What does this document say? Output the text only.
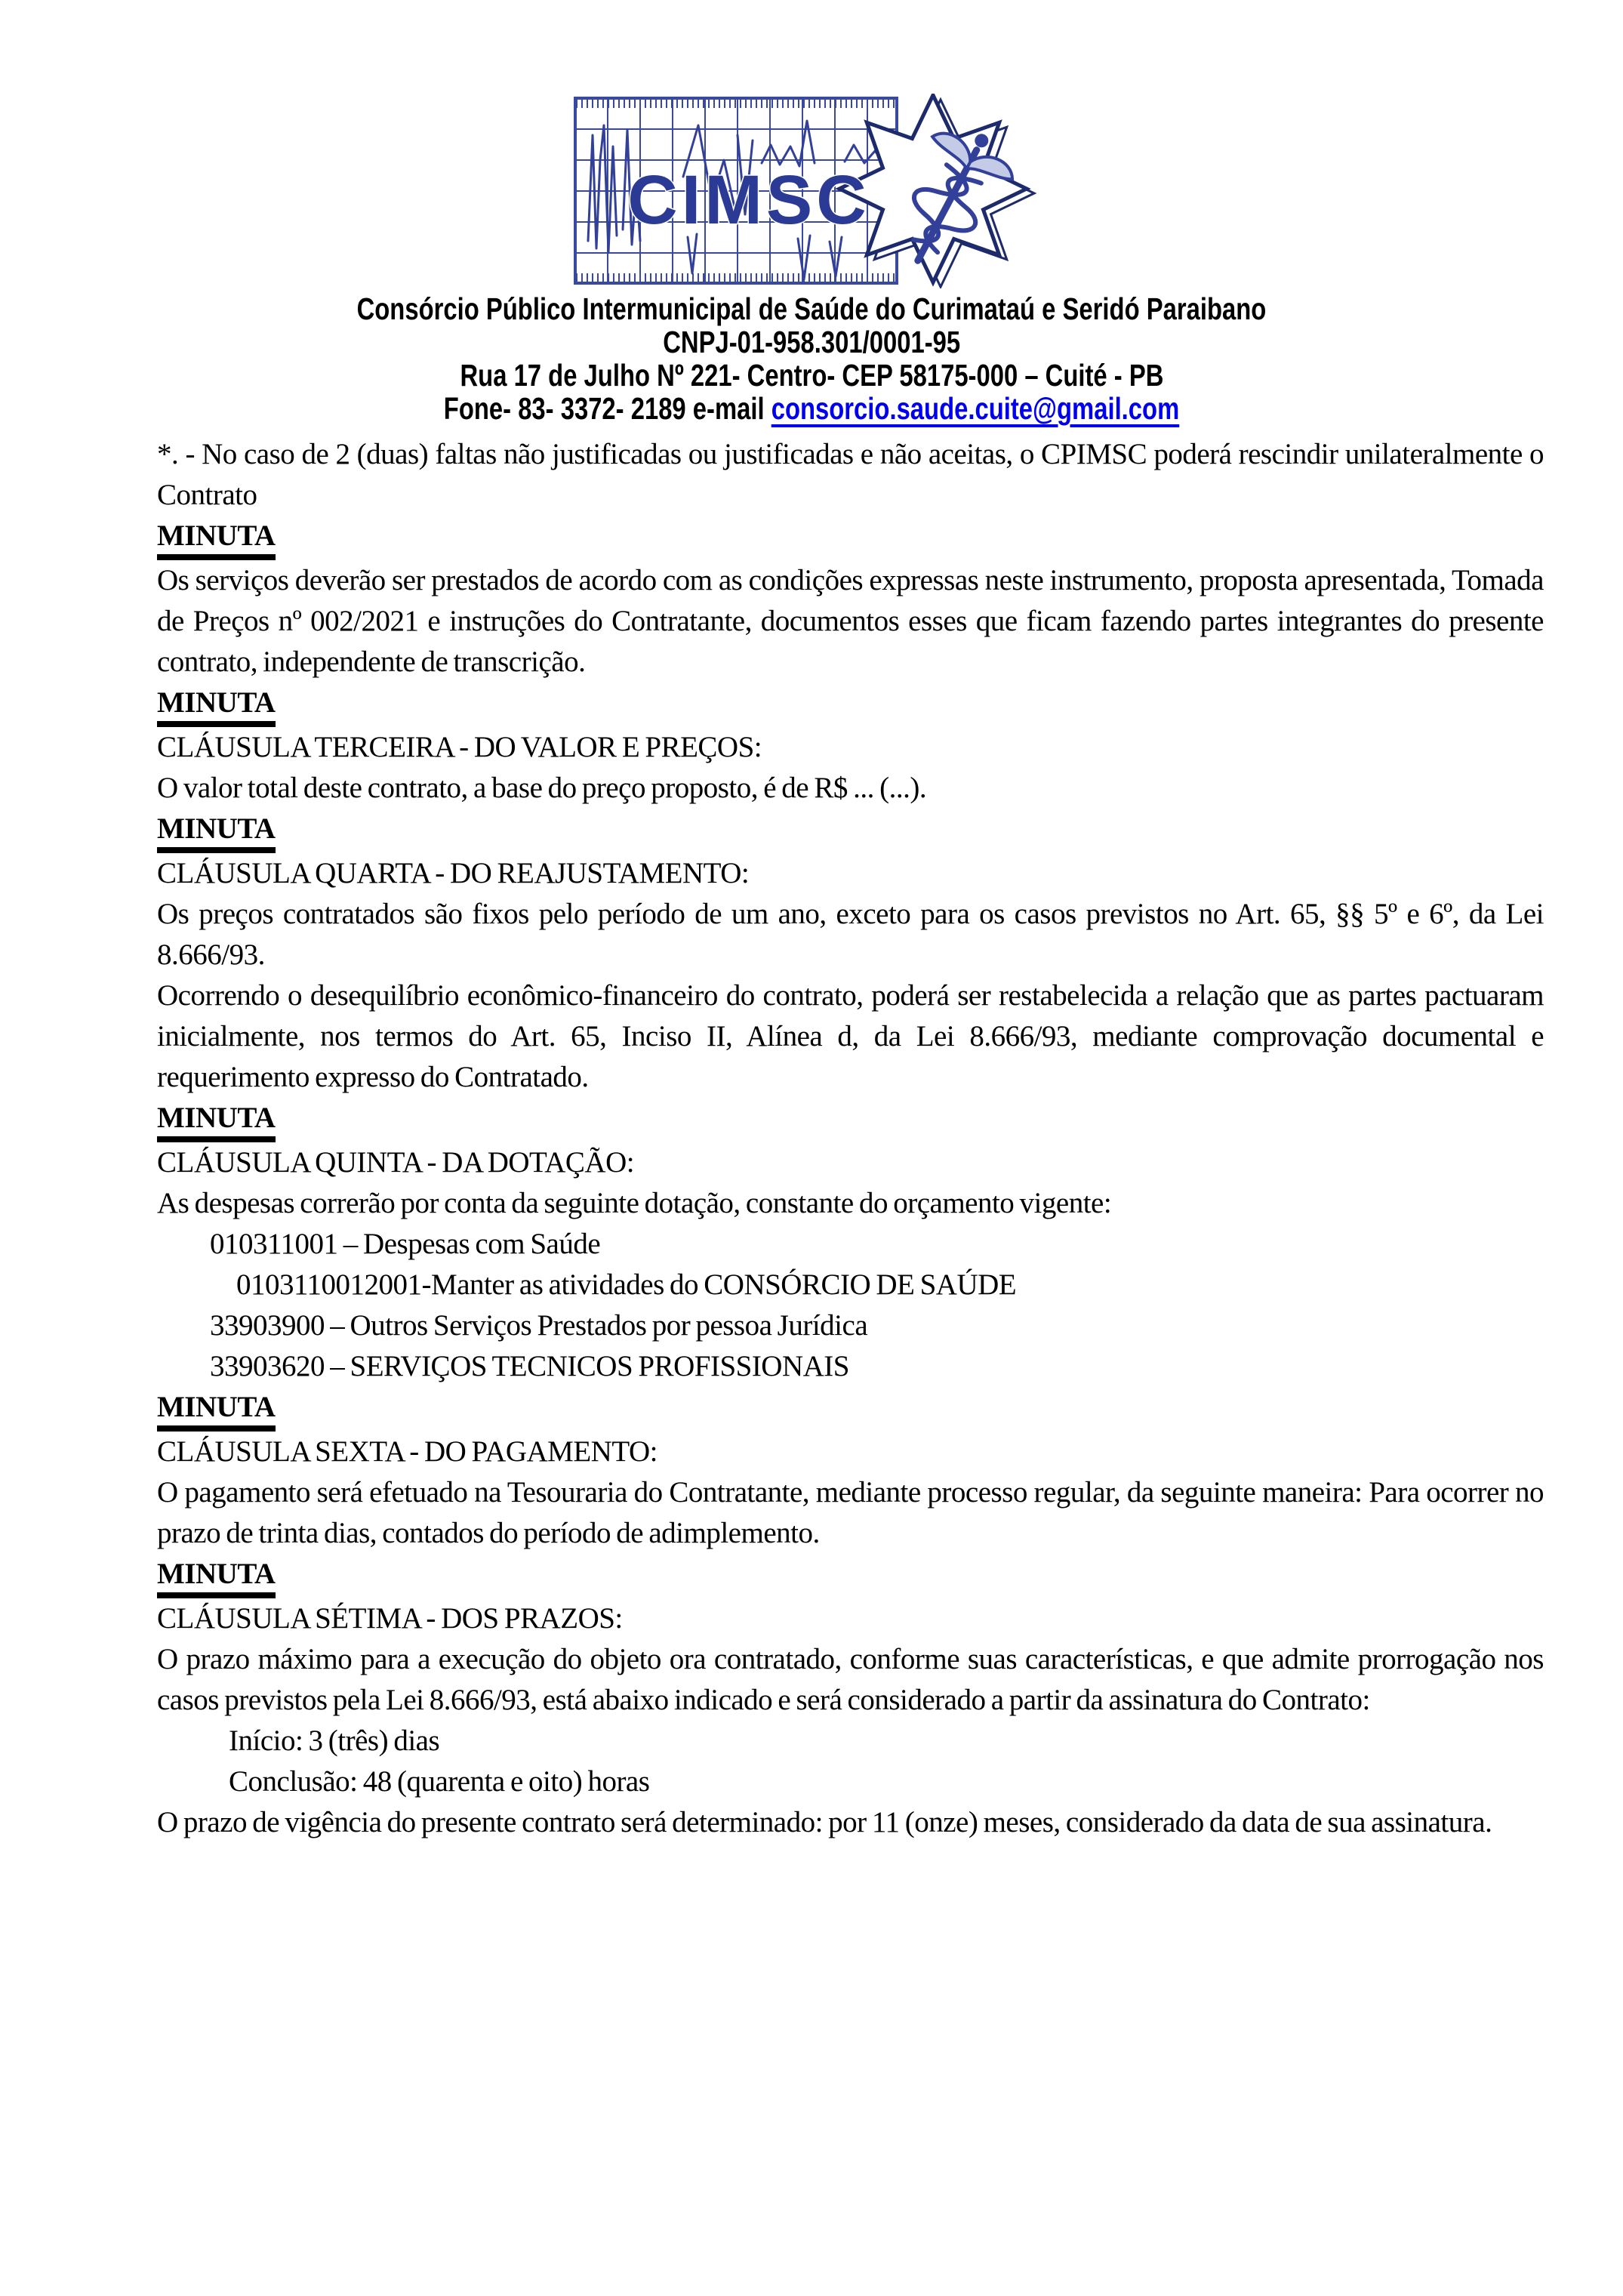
CIMSC
Consórcio Público Intermunicipal de Saúde do Curimataú e Seridó Paraibano
CNPJ-01-958.301/0001-95
Rua 17 de Julho Nº 221- Centro- CEP 58175-000 – Cuité - PB
Fone- 83- 3372- 2189 e-mail consorcio.saude.cuite@gmail.com

*. - No caso de 2 (duas) faltas não justificadas ou justificadas e não aceitas, o CPIMSC poderá rescindir unilateralmente o Contrato

MINUTA

Os serviços deverão ser prestados de acordo com as condições expressas neste instrumento, proposta apresentada, Tomada de Preços nº 002/2021 e instruções do Contratante, documentos esses que ficam fazendo partes integrantes do presente contrato, independente de transcrição.

MINUTA

CLÁUSULA TERCEIRA - DO VALOR E PREÇOS:

O valor total deste contrato, a base do preço proposto, é de R$ ... (...).

MINUTA

CLÁUSULA QUARTA - DO REAJUSTAMENTO:

Os preços contratados são fixos pelo período de um ano, exceto para os casos previstos no Art. 65, §§ 5º e 6º, da Lei 8.666/93.

Ocorrendo o desequilíbrio econômico-financeiro do contrato, poderá ser restabelecida a relação que as partes pactuaram inicialmente, nos termos do Art. 65, Inciso II, Alínea d, da Lei 8.666/93, mediante comprovação documental e requerimento expresso do Contratado.

MINUTA

CLÁUSULA QUINTA - DA DOTAÇÃO:

As despesas correrão por conta da seguinte dotação, constante do orçamento vigente:

010311001 – Despesas com Saúde

0103110012001-Manter as atividades do CONSÓRCIO DE SAÚDE

33903900 – Outros Serviços Prestados por pessoa Jurídica

33903620 – SERVIÇOS TECNICOS PROFISSIONAIS

MINUTA

CLÁUSULA SEXTA - DO PAGAMENTO:

O pagamento será efetuado na Tesouraria do Contratante, mediante processo regular, da seguinte maneira: Para ocorrer no prazo de trinta dias, contados do período de adimplemento.

MINUTA

CLÁUSULA SÉTIMA - DOS PRAZOS:

O prazo máximo para a execução do objeto ora contratado, conforme suas características, e que admite prorrogação nos casos previstos pela Lei 8.666/93, está abaixo indicado e será considerado a partir da assinatura do Contrato:

Início: 3 (três) dias

Conclusão: 48 (quarenta e oito) horas

O prazo de vigência do presente contrato será determinado: por 11 (onze) meses, considerado da data de sua assinatura.
